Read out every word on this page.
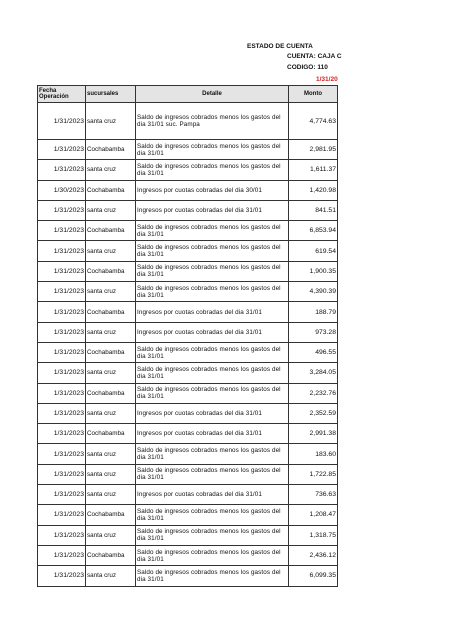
ESTADO DE CUENTA
CUENTA: CAJA C
CODIGO: 110
1/31/20
Fecha Operación	sucursales	Detalle	Monto
1/31/2023	santa cruz	Saldo de ingresos cobrados menos los gastos del dia 31/01 suc. Pampa	4,774.63
1/31/2023	Cochabamba	Saldo de ingresos cobrados menos los gastos del dia 31/01	2,981.95
1/31/2023	santa cruz	Saldo de ingresos cobrados menos los gastos del dia 31/01	1,611.37
1/30/2023	Cochabamba	Ingresos por cuotas cobradas del dia 30/01	1,420.98
1/31/2023	santa cruz	Ingresos por cuotas cobradas del dia 31/01	841.51
1/31/2023	Cochabamba	Saldo de ingresos cobrados menos los gastos del dia 31/01	6,853.94
1/31/2023	santa cruz	Saldo de ingresos cobrados menos los gastos del dia 31/01	619.54
1/31/2023	Cochabamba	Saldo de ingresos cobrados menos los gastos del dia 31/01	1,900.35
1/31/2023	santa cruz	Saldo de ingresos cobrados menos los gastos del dia 31/01	4,390.39
1/31/2023	Cochabamba	Ingresos por cuotas cobradas del dia 31/01	188.79
1/31/2023	santa cruz	Ingresos por cuotas cobradas del dia 31/01	973.28
1/31/2023	Cochabamba	Saldo de ingresos cobrados menos los gastos del dia 31/01	496.55
1/31/2023	santa cruz	Saldo de ingresos cobrados menos los gastos del dia 31/01	3,284.05
1/31/2023	Cochabamba	Saldo de ingresos cobrados menos los gastos del dia 31/01	2,232.76
1/31/2023	santa cruz	Ingresos por cuotas cobradas del dia 31/01	2,352.59
1/31/2023	Cochabamba	Ingresos por cuotas cobradas del dia 31/01	2,991.38
1/31/2023	santa cruz	Saldo de ingresos cobrados menos los gastos del dia 31/01	183.60
1/31/2023	santa cruz	Saldo de ingresos cobrados menos los gastos del dia 31/01	1,722.85
1/31/2023	santa cruz	Ingresos por cuotas cobradas del dia 31/01	736.63
1/31/2023	Cochabamba	Saldo de ingresos cobrados menos los gastos del dia 31/01	1,208.47
1/31/2023	santa cruz	Saldo de ingresos cobrados menos los gastos del dia 31/01	1,318.75
1/31/2023	Cochabamba	Saldo de ingresos cobrados menos los gastos del dia 31/01	2,436.12
1/31/2023	santa cruz	Saldo de ingresos cobrados menos los gastos del dia 31/01	6,099.35
